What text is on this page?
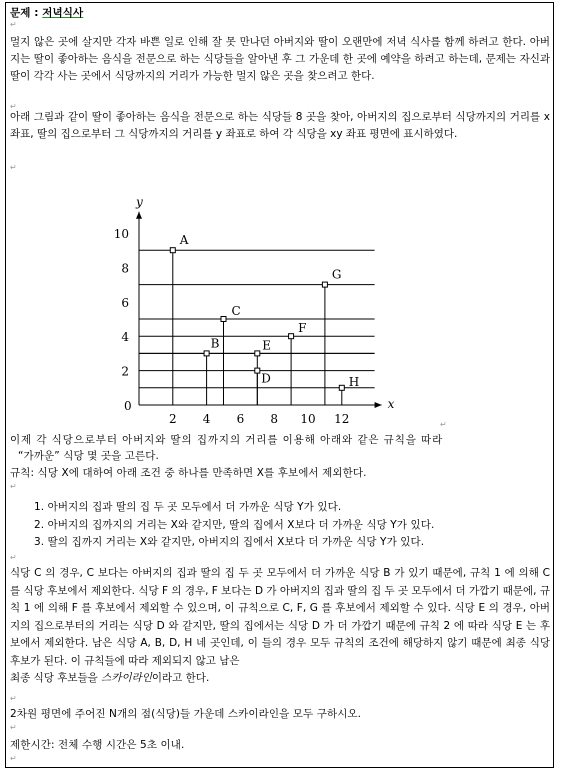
문제 : 저녁식사
↵

멀지 않은 곳에 살지만 각자 바쁜 일로 인해 잘 못 만나던 아버지와 딸이 오랜만에 저녁 식사를 함께 하려고 한다. 아버지는 딸이 좋아하는 음식을 전문으로 하는 식당들을 알아낸 후 그 가운데 한 곳에 예약을 하려고 하는데, 문제는 자신과 딸이 각각 사는 곳에서 식당까지의 거리가 가능한 멀지 않은 곳을 찾으려고 한다.

↵

아래 그림과 같이 딸이 좋아하는 음식을 전문으로 하는 식당들 8 곳을 찾아, 아버지의 집으로부터 식당까지의 거리를 x 좌표, 딸의 집으로부터 그 식당까지의 거리를 y 좌표로 하여 각 식당을 xy 좌표 평면에 표시하였다.

↵
x
y
0
2 4 6 8 10 12
2
4
6
8
10	A
B
C
D
E
F
G
H
↵
이제 각 식당으로부터 아버지와 딸의 집까지의 거리를 이용해 아래와 같은 규칙을 따라
“가까운” 식당 몇 곳을 고른다.
규칙: 식당 X에 대하여 아래 조건 중 하나를 만족하면 X를 후보에서 제외한다.
↵
1. 아버지의 집과 딸의 집 두 곳 모두에서 더 가까운 식당 Y가 있다.
2. 아버지의 집까지의 거리는 X와 같지만, 딸의 집에서 X보다 더 가까운 식당 Y가 있다.
3. 딸의 집까지 거리는 X와 같지만, 아버지의 집에서 X보다 더 가까운 식당 Y가 있다.
↵

식당 C 의 경우, C 보다는 아버지의 집과 딸의 집 두 곳 모두에서 더 가까운 식당 B 가 있기 때문에, 규칙 1 에 의해 C 를 식당 후보에서 제외한다. 식당 F 의 경우, F 보다는 D 가 아버지의 집과 딸의 집 두 곳 모두에서 더 가깝기 때문에, 규칙 1 에 의해 F 를 후보에서 제외할 수 있으며, 이 규칙으로 C, F, G 를 후보에서 제외할 수 있다. 식당 E 의 경우, 아버지의 집으로부터의 거리는 식당 D 와 같지만, 딸의 집에서는 식당 D 가 더 가깝기 때문에 규칙 2 에 따라 식당 E 는 후보에서 제외한다. 남은 식당 A, B, D, H 네 곳인데, 이 들의 경우 모두 규칙의 조건에 해당하지 않기 때문에 최종 식당 후보가 된다. 이 규칙들에 따라 제외되지 않고 남은

최종 식당 후보들을 스카이라인이라고 한다.

↵
2차원 평면에 주어진 N개의 점(식당)들 가운데 스카이라인을 모두 구하시오.
↵
제한시간: 전체 수행 시간은 5초 이내.
↵
